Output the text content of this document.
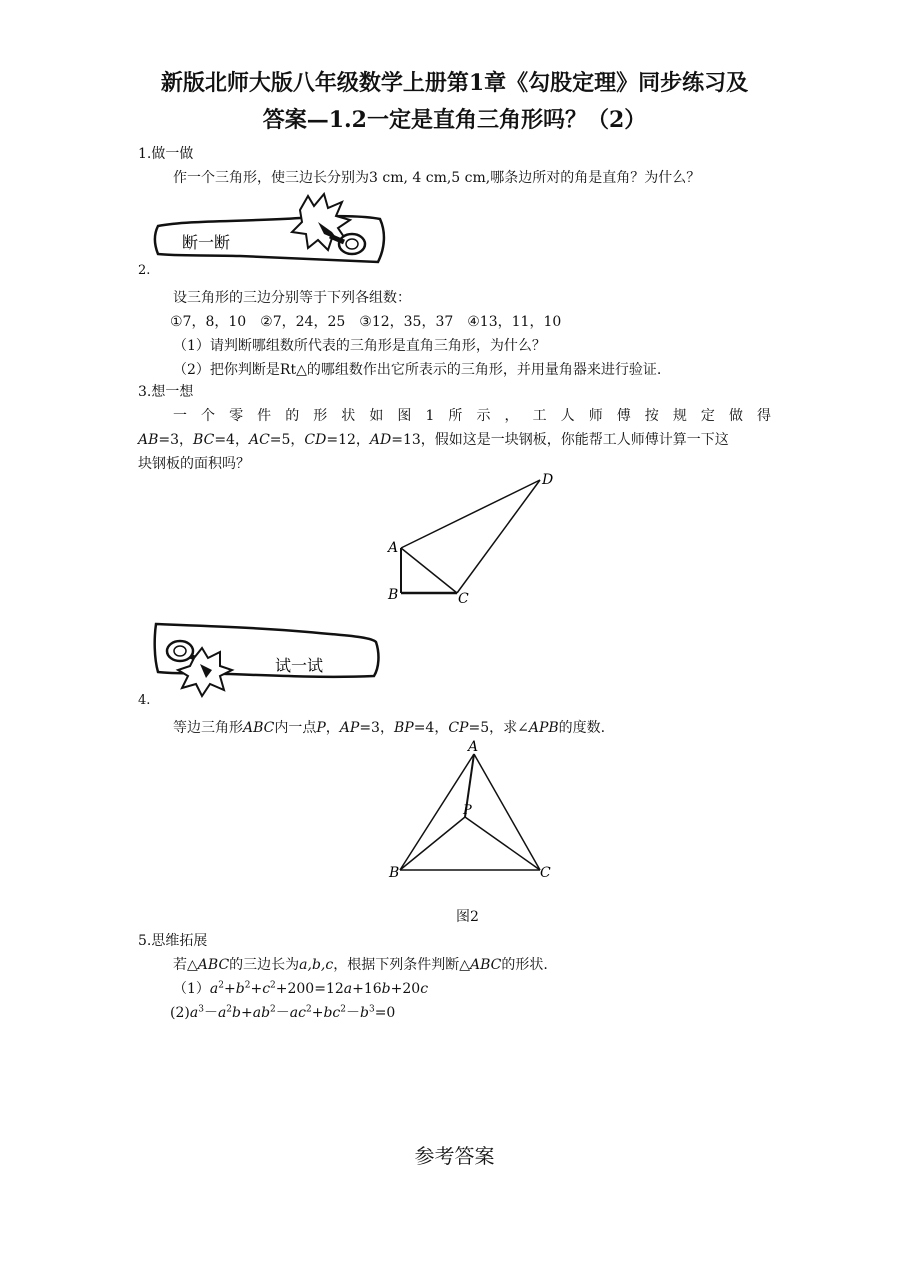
新版北师大版八年级数学上册第1章《勾股定理》同步练习及
答案—1.2一定是直角三角形吗？（2）
1.做一做
作一个三角形，使三边长分别为3 cm, 4 cm,5 cm,哪条边所对的角是直角？为什么？
断一断
2.
设三角形的三边分别等于下列各组数：
①7，8，10　②7，24，25　③12，35，37　④13，11，10
（1）请判断哪组数所代表的三角形是直角三角形，为什么？
（2）把你判断是Rt△的哪组数作出它所表示的三角形，并用量角器来进行验证.
3.想一想
一个零件的形状如图1所示，工人师傅按规定做得
AB=3，BC=4，AC=5，CD=12，AD=13，假如这是一块钢板，你能帮工人师傅计算一下这
块钢板的面积吗？
A
B	C
D
试一试
4.
等边三角形ABC内一点P，AP=3，BP=4，CP=5，求∠APB的度数.
A
P
B	C
图2
5.思维拓展
若△ABC的三边长为a,b,c，根据下列条件判断△ABC的形状.
$(1)a^2+b^2+c^2+200=12a+16b+20c$
$(2)a^3-a^2b+ab^2-ac^2+bc^2-b^3=0$
参考答案
